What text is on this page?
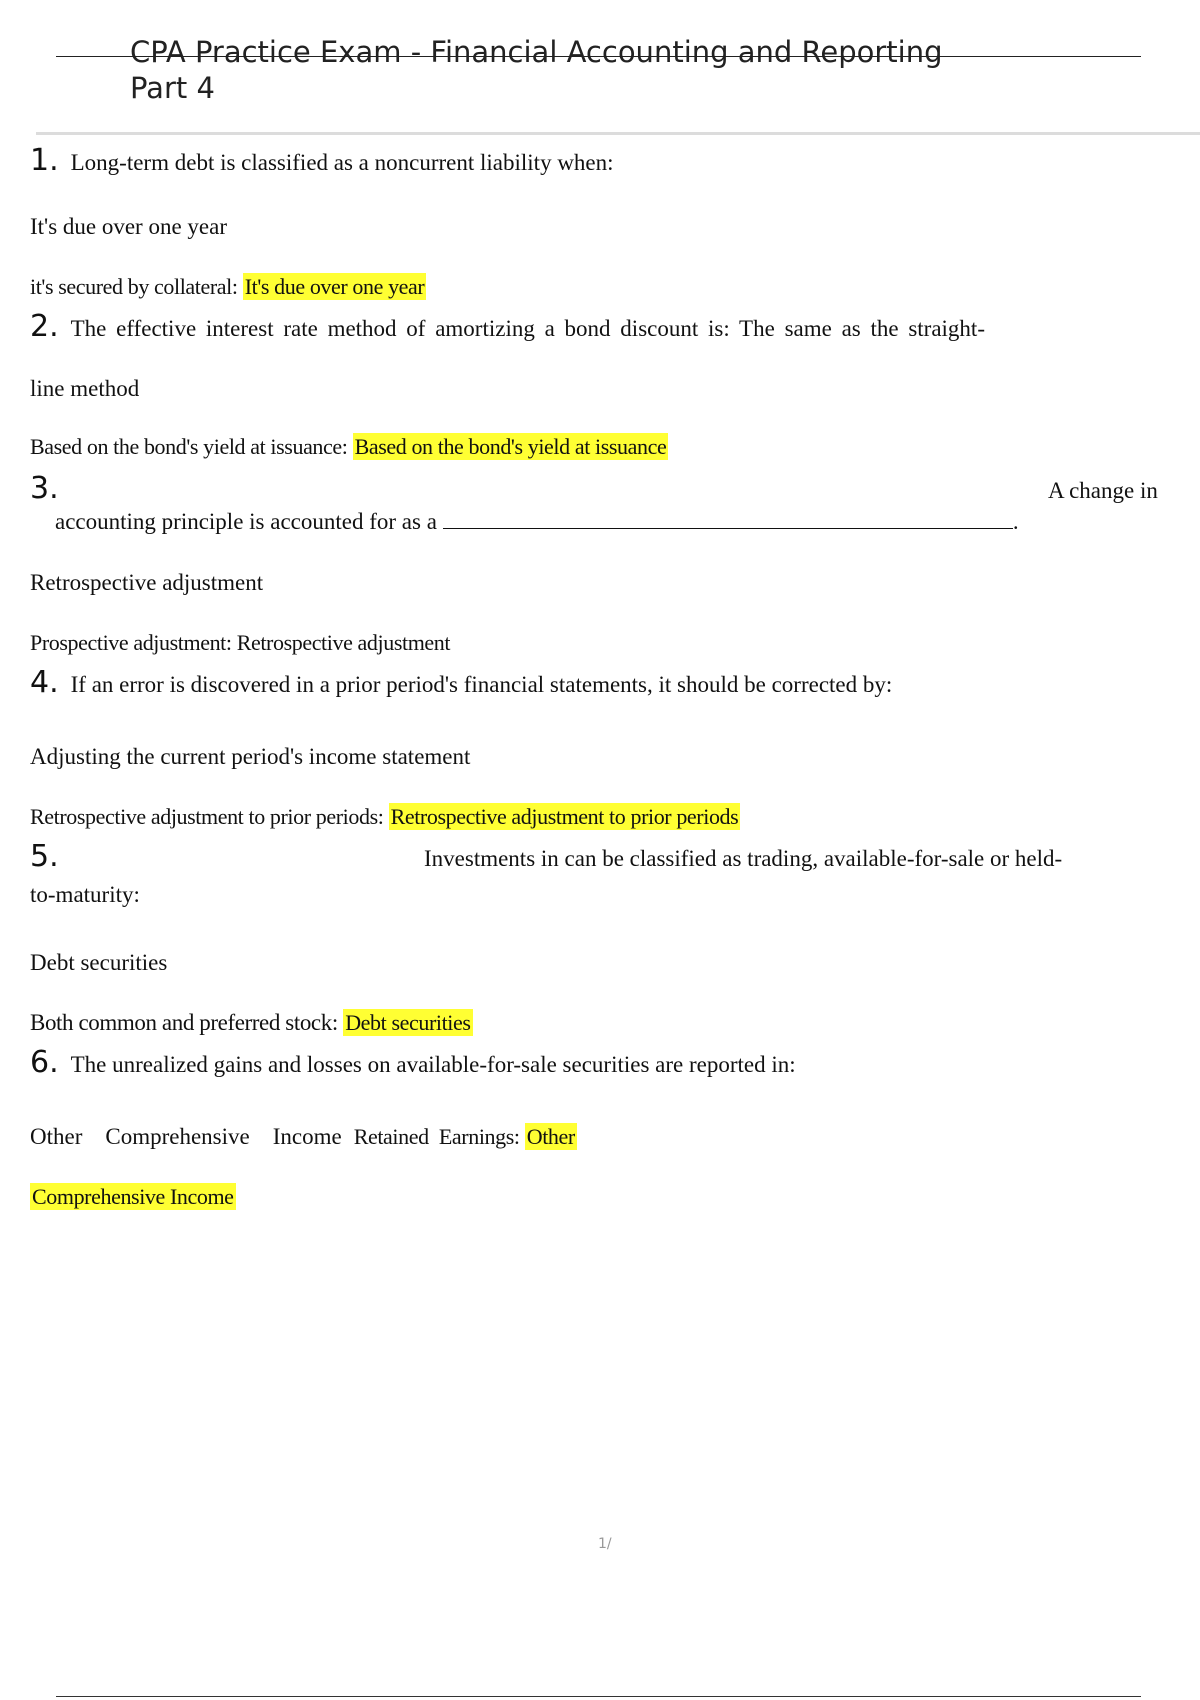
CPA Practice Exam - Financial Accounting and Reporting
Part 4
1. Long-term debt is classified as a noncurrent liability when:
It's due over one year
it's secured by collateral: It's due over one year
2. The effective interest rate method of amortizing a bond discount is: The same as the straight-
line method
Based on the bond's yield at issuance: Based on the bond's yield at issuance
3.	A change in
accounting principle is accounted for as a	.
Retrospective adjustment
Prospective adjustment: Retrospective adjustment
4. If an error is discovered in a prior period's financial statements, it should be corrected by:
Adjusting the current period's income statement
Retrospective adjustment to prior periods: Retrospective adjustment to prior periods
5.	Investments in can be classified as trading, available-for-sale or held-
to-maturity:
Debt securities
Both common and preferred stock: Debt securities
6. The unrealized gains and losses on available-for-sale securities are reported in:
Other    Comprehensive    Income Retained  Earnings: Other
Comprehensive Income
1/
